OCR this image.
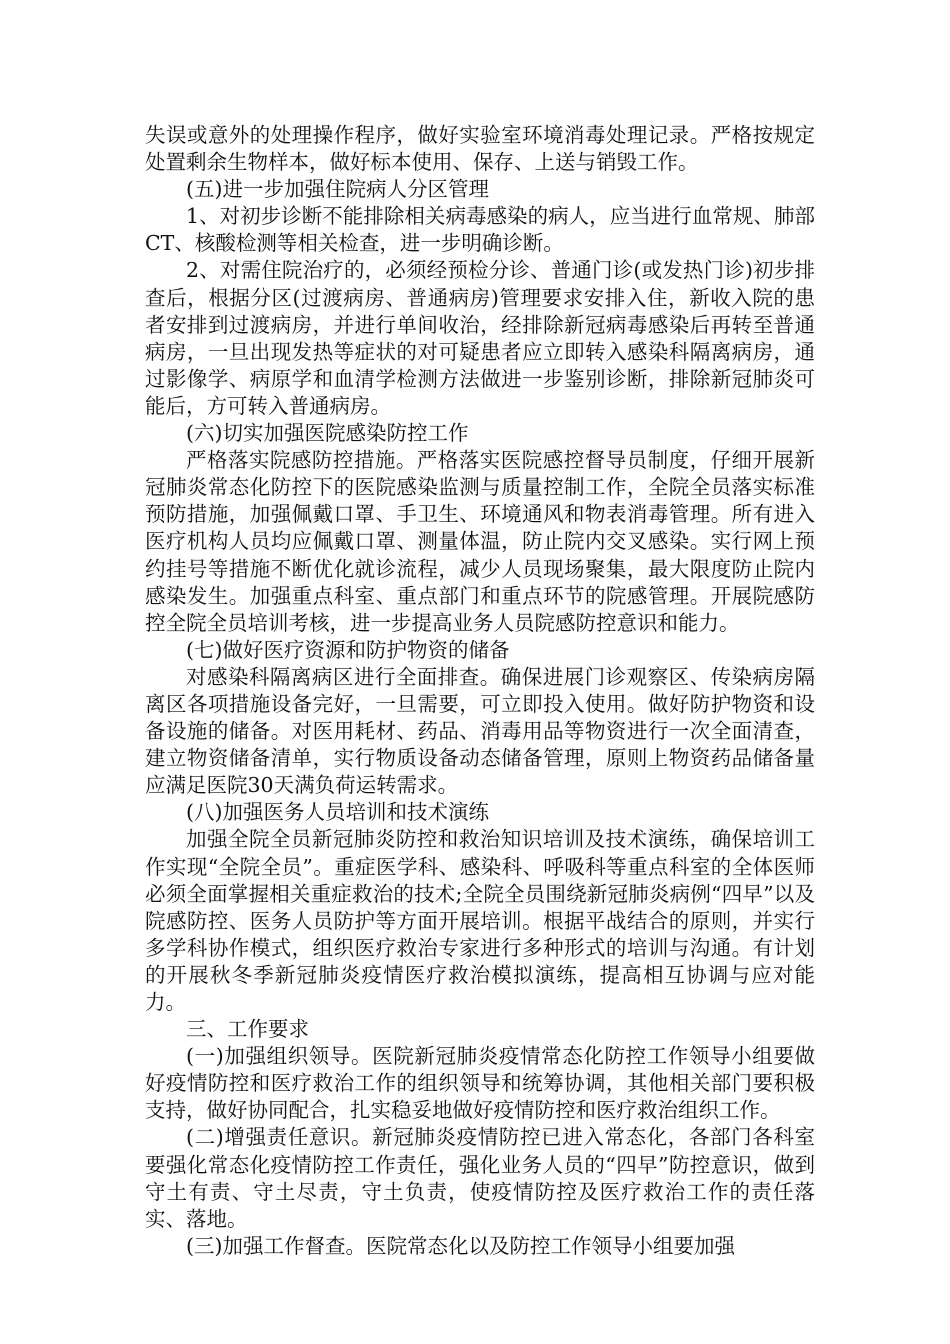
失误或意外的处理操作程序，做好实验室环境消毒处理记录。严格按规定处置剩余生物样本，做好标本使用、保存、上送与销毁工作。

(五)进一步加强住院病人分区管理

1、对初步诊断不能排除相关病毒感染的病人，应当进行血常规、肺部CT、核酸检测等相关检查，进一步明确诊断。

2、对需住院治疗的，必须经预检分诊、普通门诊(或发热门诊)初步排查后，根据分区(过渡病房、普通病房)管理要求安排入住，新收入院的患者安排到过渡病房，并进行单间收治，经排除新冠病毒感染后再转至普通病房，一旦出现发热等症状的对可疑患者应立即转入感染科隔离病房，通过影像学、病原学和血清学检测方法做进一步鉴别诊断，排除新冠肺炎可能后，方可转入普通病房。

(六)切实加强医院感染防控工作

严格落实院感防控措施。严格落实医院感控督导员制度，仔细开展新冠肺炎常态化防控下的医院感染监测与质量控制工作，全院全员落实标准预防措施，加强佩戴口罩、手卫生、环境通风和物表消毒管理。所有进入医疗机构人员均应佩戴口罩、测量体温，防止院内交叉感染。实行网上预约挂号等措施不断优化就诊流程，减少人员现场聚集，最大限度防止院内感染发生。加强重点科室、重点部门和重点环节的院感管理。开展院感防控全院全员培训考核，进一步提高业务人员院感防控意识和能力。

(七)做好医疗资源和防护物资的储备

对感染科隔离病区进行全面排查。确保进展门诊观察区、传染病房隔离区各项措施设备完好，一旦需要，可立即投入使用。做好防护物资和设备设施的储备。对医用耗材、药品、消毒用品等物资进行一次全面清查，建立物资储备清单，实行物质设备动态储备管理，原则上物资药品储备量应满足医院30天满负荷运转需求。

(八)加强医务人员培训和技术演练

加强全院全员新冠肺炎防控和救治知识培训及技术演练，确保培训工作实现“全院全员”。重症医学科、感染科、呼吸科等重点科室的全体医师必须全面掌握相关重症救治的技术;全院全员围绕新冠肺炎病例“四早”以及院感防控、医务人员防护等方面开展培训。根据平战结合的原则，并实行多学科协作模式，组织医疗救治专家进行多种形式的培训与沟通。有计划的开展秋冬季新冠肺炎疫情医疗救治模拟演练，提高相互协调与应对能力。

三、工作要求

(一)加强组织领导。医院新冠肺炎疫情常态化防控工作领导小组要做好疫情防控和医疗救治工作的组织领导和统筹协调，其他相关部门要积极支持，做好协同配合，扎实稳妥地做好疫情防控和医疗救治组织工作。

(二)增强责任意识。新冠肺炎疫情防控已进入常态化，各部门各科室要强化常态化疫情防控工作责任，强化业务人员的“四早”防控意识，做到守土有责、守土尽责，守土负责，使疫情防控及医疗救治工作的责任落实、落地。

(三)加强工作督查。医院常态化以及防控工作领导小组要加强
